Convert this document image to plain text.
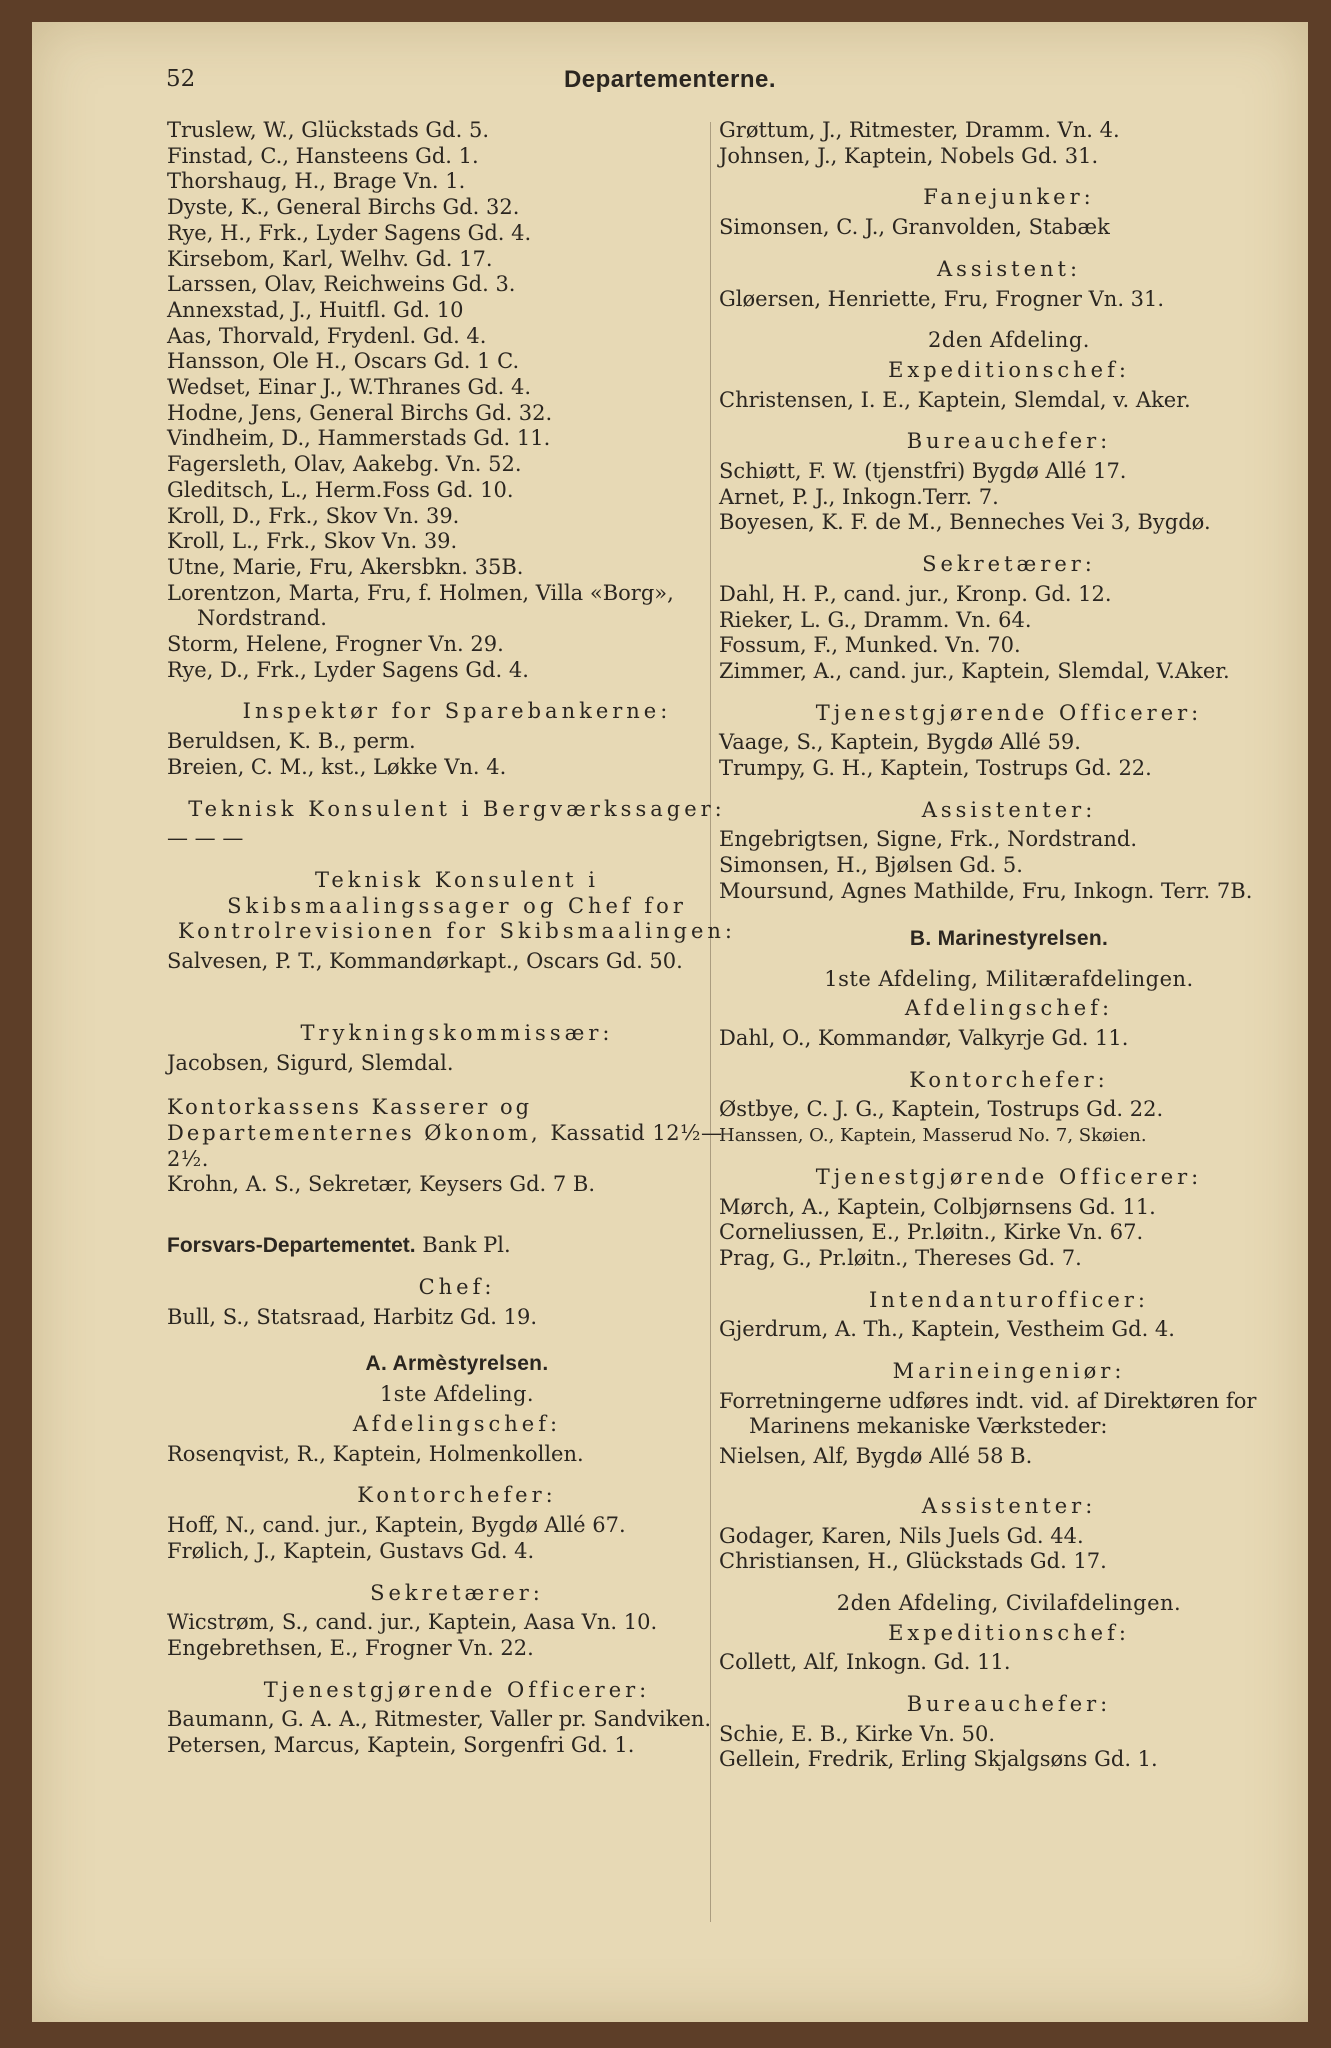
52	Departementerne.
Truslew, W., Glückstads Gd. 5.
Finstad, C., Hansteens Gd. 1.
Thorshaug, H., Brage Vn. 1.
Dyste, K., General Birchs Gd. 32.
Rye, H., Frk., Lyder Sagens Gd. 4.
Kirsebom, Karl, Welhv. Gd. 17.
Larssen, Olav, Reichweins Gd. 3.
Annexstad, J., Huitfl. Gd. 10
Aas, Thorvald, Frydenl. Gd. 4.
Hansson, Ole H., Oscars Gd. 1 C.
Wedset, Einar J., W.Thranes Gd. 4.
Hodne, Jens, General Birchs Gd. 32.
Vindheim, D., Hammerstads Gd. 11.
Fagersleth, Olav, Aakebg. Vn. 52.
Gleditsch, L., Herm.Foss Gd. 10.
Kroll, D., Frk., Skov Vn. 39.
Kroll, L., Frk., Skov Vn. 39.
Utne, Marie, Fru, Akersbkn. 35B.
Lorentzon, Marta, Fru, f. Holmen, Villa «Borg», Nordstrand.
Storm, Helene, Frogner Vn. 29.
Rye, D., Frk., Lyder Sagens Gd. 4.
Inspektør for Sparebankerne:
Beruldsen, K. B., perm.
Breien, C. M., kst., Løkke Vn. 4.
Teknisk Konsulent i Bergværkssager:
— — —
Teknisk Konsulent i Skibsmaalingssager og Chef for Kontrolrevisionen for Skibsmaalingen:
Salvesen, P. T., Kommandørkapt., Oscars Gd. 50.
Trykningskommissær:
Jacobsen, Sigurd, Slemdal.
Kontorkassens Kasserer og Departementernes Økonom, Kassatid 12½—2½.
Krohn, A. S., Sekretær, Keysers Gd. 7 B.
Forsvars-Departementet. Bank Pl.
Chef:
Bull, S., Statsraad, Harbitz Gd. 19.
A. Armèstyrelsen.
1ste Afdeling.
Afdelingschef:
Rosenqvist, R., Kaptein, Holmenkollen.
Kontorchefer:
Hoff, N., cand. jur., Kaptein, Bygdø Allé 67.
Frølich, J., Kaptein, Gustavs Gd. 4.
Sekretærer:
Wicstrøm, S., cand. jur., Kaptein, Aasa Vn. 10.
Engebrethsen, E., Frogner Vn. 22.
Tjenestgjørende Officerer:
Baumann, G. A. A., Ritmester, Valler pr. Sandviken.
Petersen, Marcus, Kaptein, Sorgenfri Gd. 1.
Grøttum, J., Ritmester, Dramm. Vn. 4.
Johnsen, J., Kaptein, Nobels Gd. 31.
Fanejunker:
Simonsen, C. J., Granvolden, Stabæk
Assistent:
Gløersen, Henriette, Fru, Frogner Vn. 31.
2den Afdeling.
Expeditionschef:
Christensen, I. E., Kaptein, Slemdal, v. Aker.
Bureauchefer:
Schiøtt, F. W. (tjenstfri) Bygdø Allé 17.
Arnet, P. J., Inkogn.Terr. 7.
Boyesen, K. F. de M., Benneches Vei 3, Bygdø.
Sekretærer:
Dahl, H. P., cand. jur., Kronp. Gd. 12.
Rieker, L. G., Dramm. Vn. 64.
Fossum, F., Munked. Vn. 70.
Zimmer, A., cand. jur., Kaptein, Slemdal, V.Aker.
Tjenestgjørende Officerer:
Vaage, S., Kaptein, Bygdø Allé 59.
Trumpy, G. H., Kaptein, Tostrups Gd. 22.
Assistenter:
Engebrigtsen, Signe, Frk., Nordstrand.
Simonsen, H., Bjølsen Gd. 5.
Moursund, Agnes Mathilde, Fru, Inkogn. Terr. 7B.
B. Marinestyrelsen.
1ste Afdeling, Militærafdelingen.
Afdelingschef:
Dahl, O., Kommandør, Valkyrje Gd. 11.
Kontorchefer:
Østbye, C. J. G., Kaptein, Tostrups Gd. 22.
Hanssen, O., Kaptein, Masserud No. 7, Skøien.
Tjenestgjørende Officerer:
Mørch, A., Kaptein, Colbjørnsens Gd. 11.
Corneliussen, E., Pr.løitn., Kirke Vn. 67.
Prag, G., Pr.løitn., Thereses Gd. 7.
Intendanturofficer:
Gjerdrum, A. Th., Kaptein, Vestheim Gd. 4.
Marineingeniør:
Forretningerne udføres indt. vid. af Direktøren for Marinens mekaniske Værksteder:
Nielsen, Alf, Bygdø Allé 58 B.
Assistenter:
Godager, Karen, Nils Juels Gd. 44.
Christiansen, H., Glückstads Gd. 17.
2den Afdeling, Civilafdelingen.
Expeditionschef:
Collett, Alf, Inkogn. Gd. 11.
Bureauchefer:
Schie, E. B., Kirke Vn. 50.
Gellein, Fredrik, Erling Skjalgsøns Gd. 1.
